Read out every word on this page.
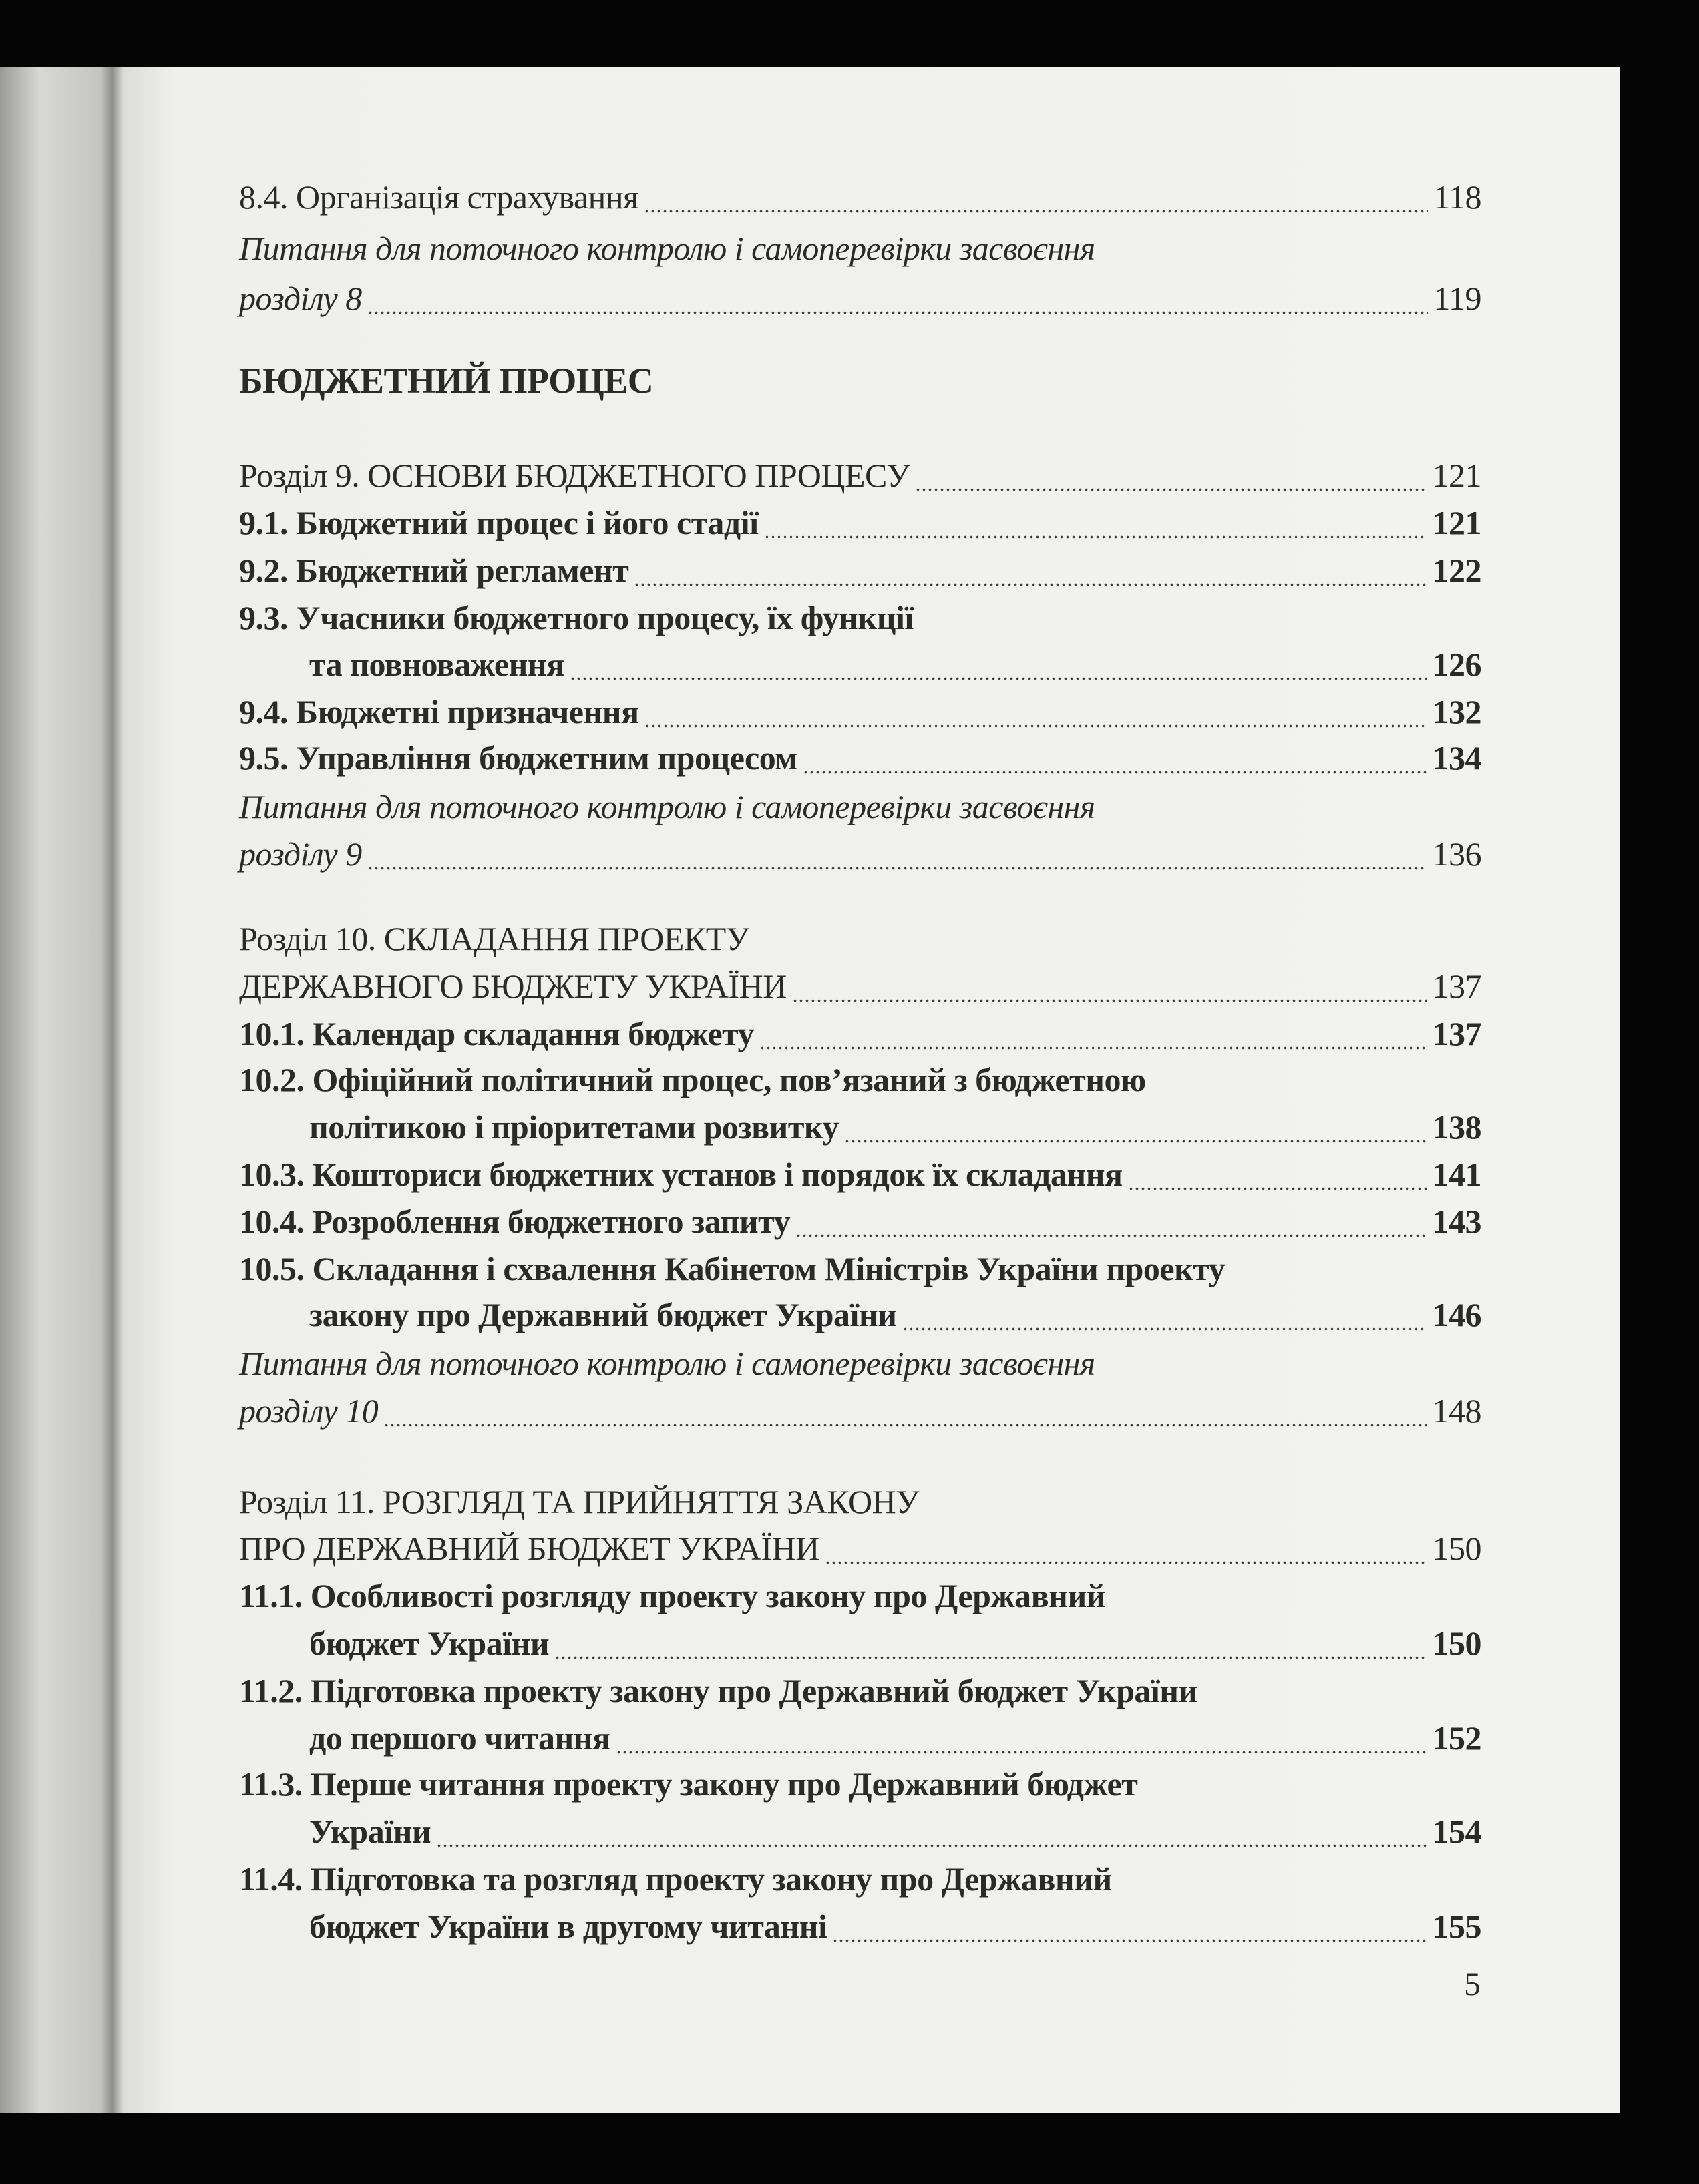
8.4. Організація страхування	118
Питання для поточного контролю і самоперевірки засвоєння
розділу 8	119
БЮДЖЕТНИЙ ПРОЦЕС
Розділ 9. ОСНОВИ БЮДЖЕТНОГО ПРОЦЕСУ	121
9.1. Бюджетний процес і його стадії	121
9.2. Бюджетний регламент	122
9.3. Учасники бюджетного процесу, їх функції
та повноваження	126
9.4. Бюджетні призначення	132
9.5. Управління бюджетним процесом	134
Питання для поточного контролю і самоперевірки засвоєння
розділу 9	136
Розділ 10. СКЛАДАННЯ ПРОЕКТУ
ДЕРЖАВНОГО БЮДЖЕТУ УКРАЇНИ	137
10.1. Календар складання бюджету	137
10.2. Офіційний політичний процес, пов’язаний з бюджетною
політикою і пріоритетами розвитку	138
10.3. Кошториси бюджетних установ і порядок їх складання	141
10.4. Розроблення бюджетного запиту	143
10.5. Складання і схвалення Кабінетом Міністрів України проекту
закону про Державний бюджет України	146
Питання для поточного контролю і самоперевірки засвоєння
розділу 10	148
Розділ 11. РОЗГЛЯД ТА ПРИЙНЯТТЯ ЗАКОНУ
ПРО ДЕРЖАВНИЙ БЮДЖЕТ УКРАЇНИ	150
11.1. Особливості розгляду проекту закону про Державний
бюджет України	150
11.2. Підготовка проекту закону про Державний бюджет України
до першого читання	152
11.3. Перше читання проекту закону про Державний бюджет
України	154
11.4. Підготовка та розгляд проекту закону про Державний
бюджет України в другому читанні	155
5
